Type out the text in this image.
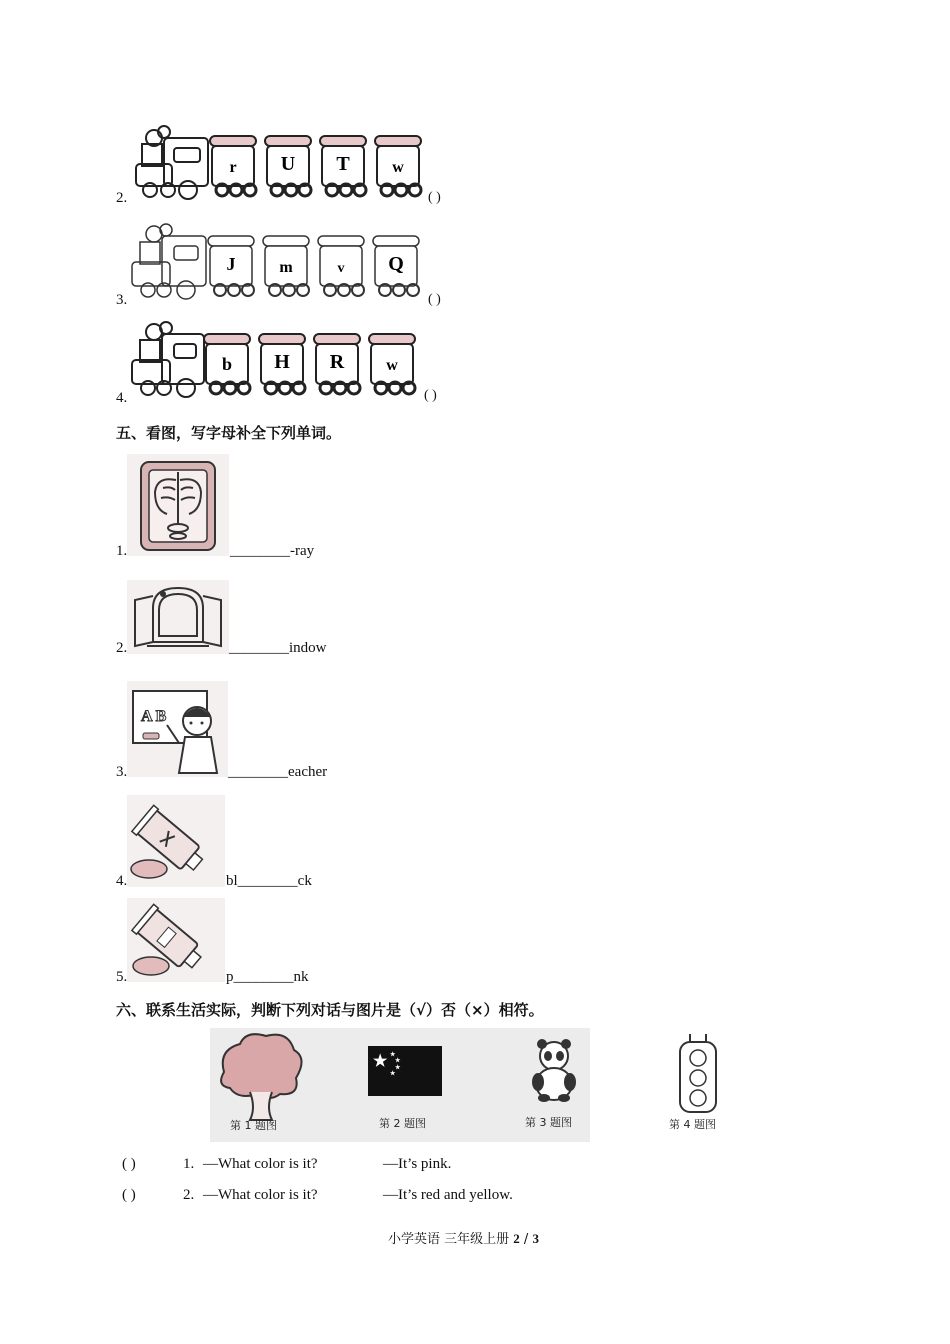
2.
r U T	w
( )
3.
J	m	v Q
( )
4.
b H R	w
( )
五、看图，写字母补全下列单词。
1.	________-ray
2.	________indow
3.
A B
________eacher
4.	bl________ck
5.	p________nk
六、联系生活实际，判断下列对话与图片是（√）否（×）相符。
第 1 题图
★ ★
★
★
★
第 2 题图	第 3 题图	第 4 题图
( )	1. —What color is it?	—It’s pink.
( )	2. —What color is it?	—It’s red and yellow.
小学英语 三年级上册 2 / 3
